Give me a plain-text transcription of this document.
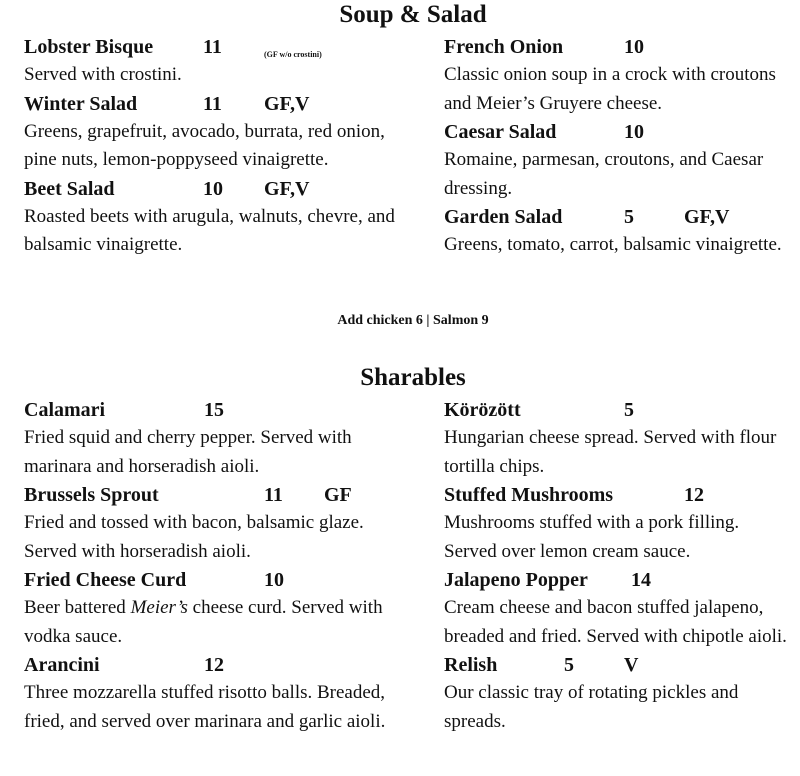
Soup & Salad
Lobster Bisque 11	(GF w/o crostini)
Served with crostini.
Winter Salad	11 GF,V
Greens, grapefruit, avocado, burrata, red onion, pine nuts, lemon-poppyseed vinaigrette.
Beet Salad	10 GF,V
Roasted beets with arugula, walnuts, chevre, and balsamic vinaigrette.
French Onion	10
Classic onion soup in a crock with croutons and Meier’s Gruyere cheese.
Caesar Salad	10
Romaine, parmesan, croutons, and Caesar dressing.
Garden Salad	5	GF,V
Greens, tomato, carrot, balsamic vinaigrette.
Add chicken 6 | Salmon 9
Sharables
Calamari	15
Fried squid and cherry pepper. Served with marinara and horseradish aioli.
Brussels Sprout	11 GF
Fried and tossed with bacon, balsamic glaze. Served with horseradish aioli.
Fried Cheese Curd	10
Beer battered Meier’s cheese curd. Served with vodka sauce.
Arancini	12
Three mozzarella stuffed risotto balls. Breaded, fried, and served over marinara and garlic aioli.
Körözött	5
Hungarian cheese spread. Served with flour tortilla chips.
Stuffed Mushrooms	12
Mushrooms stuffed with a pork filling. Served over lemon cream sauce.
Jalapeno Popper 14
Cream cheese and bacon stuffed jalapeno, breaded and fried. Served with chipotle aioli.
Relish	5	V
Our classic tray of rotating pickles and spreads.
